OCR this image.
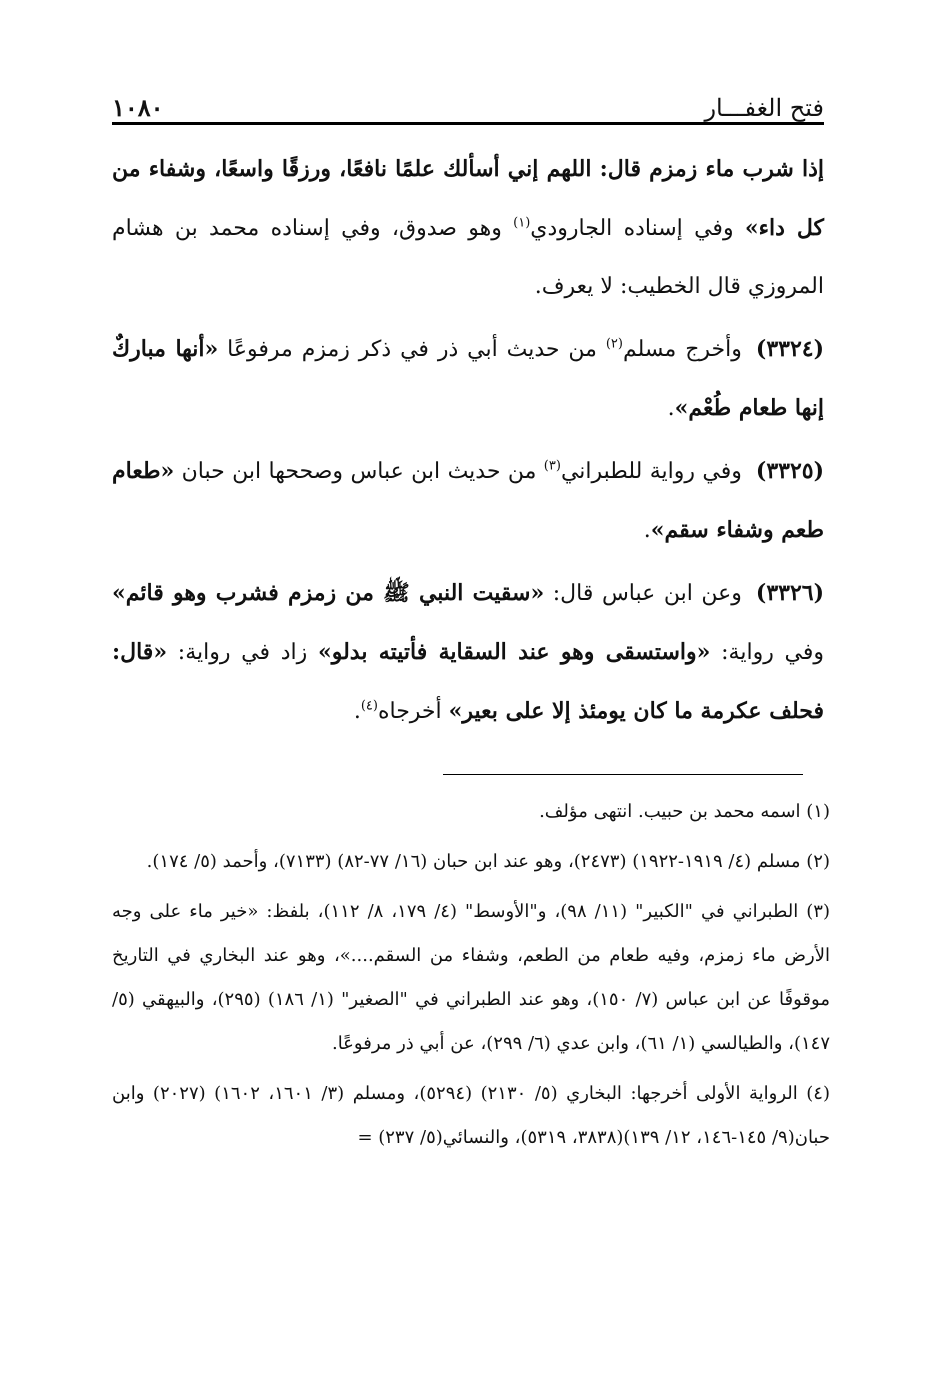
١٠٨٠	فتح الغفـــار

إذا شرب ماء زمزم قال: اللهم إني أسألك علمًا نافعًا، ورزقًا واسعًا، وشفاء من كل داء» وفي إسناده الجارودي$^{(١)}$ وهو صدوق، وفي إسناده محمد بن هشام المروزي قال الخطيب: لا يعرف.

(٣٣٢٤)وأخرج مسلم$^{(٢)}$ من حديث أبي ذر في ذكر زمزم مرفوعًا «أنها مباركٌ إنها طعام طُعْم».

(٣٣٢٥)وفي رواية للطبراني$^{(٣)}$ من حديث ابن عباس وصححها ابن حبان «طعام طعم وشفاء سقم».

(٣٣٢٦)وعن ابن عباس قال: «سقيت النبي ﷺ من زمزم فشرب وهو قائم» وفي رواية: «واستسقى وهو عند السقاية فأتيته بدلو» زاد في رواية: «قال: فحلف عكرمة ما كان يومئذ إلا على بعير» أخرجاه$^{(٤)}$.

(١) اسمه محمد بن حبيب. انتهى مؤلف.

(٢) مسلم (٤/ ١٩١٩-١٩٢٢) (٢٤٧٣)، وهو عند ابن حبان (١٦/ ٧٧-٨٢) (٧١٣٣)، وأحمد (٥/ ١٧٤).

(٣) الطبراني في "الكبير" (١١/ ٩٨)، و"الأوسط" (٤/ ١٧٩، ٨/ ١١٢)، بلفظ: «خير ماء على وجه الأرض ماء زمزم، وفيه طعام من الطعم، وشفاء من السقم....»، وهو عند البخاري في التاريخ موقوفًا عن ابن عباس (٧/ ١٥٠)، وهو عند الطبراني في "الصغير" (١/ ١٨٦) (٢٩٥)، والبيهقي (٥/ ١٤٧)، والطيالسي (١/ ٦١)، وابن عدي (٦/ ٢٩٩)، عن أبي ذر مرفوعًا.

(٤) الرواية الأولى أخرجها: البخاري (٥/ ٢١٣٠) (٥٢٩٤)، ومسلم (٣/ ١٦٠١، ١٦٠٢) (٢٠٢٧) وابن حبان(٩/ ١٤٥-١٤٦، ١٢/ ١٣٩)(٣٨٣٨، ٥٣١٩)، والنسائي(٥/ ٢٣٧) =
